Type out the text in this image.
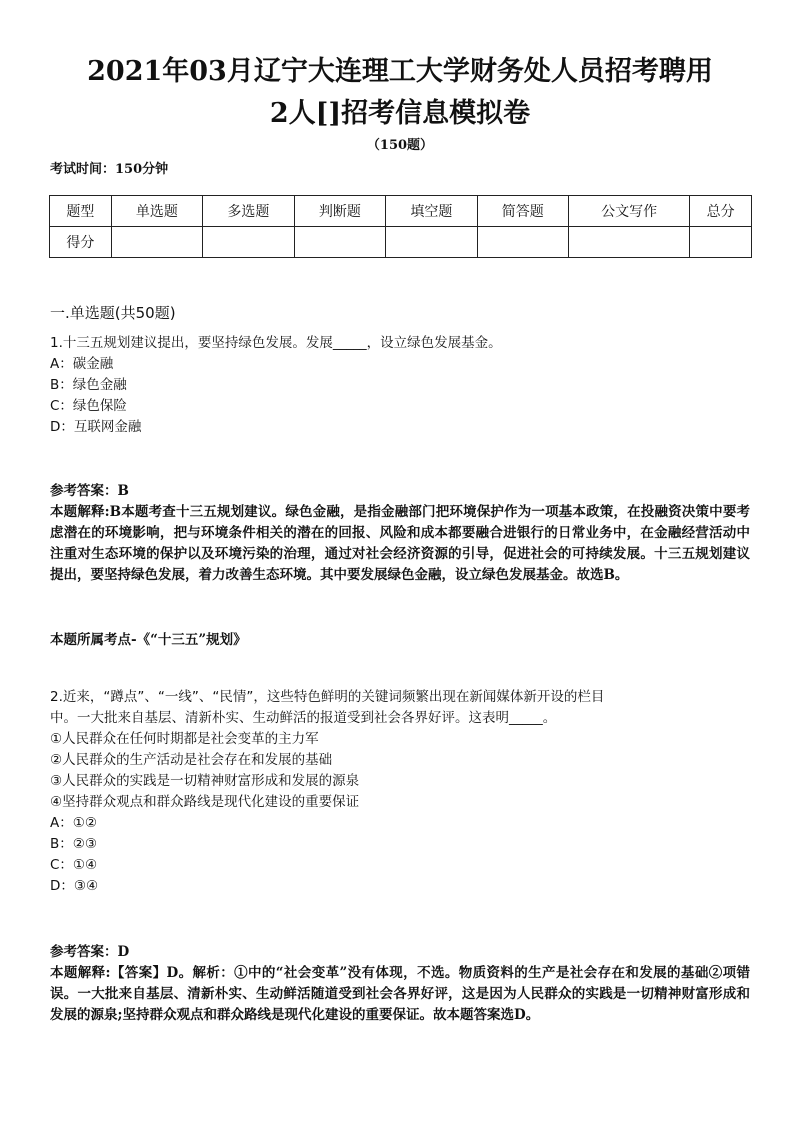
2021年03月辽宁大连理工大学财务处人员招考聘用
2人[]招考信息模拟卷
（150题）
考试时间：150分钟
题型	单选题	多选题	判断题	填空题	简答题	公文写作	总分
得分							
一.单选题(共50题)
1.十三五规划建议提出，要坚持绿色发展。发展_____，设立绿色发展基金。
A：碳金融
B：绿色金融
C：绿色保险
D：互联网金融
参考答案：B
本题解释:B本题考查十三五规划建议。绿色金融，是指金融部门把环境保护作为一项基本政策，在投融资决策中要考虑潜在的环境影响，把与环境条件相关的潜在的回报、风险和成本都要融合进银行的日常业务中，在金融经营活动中注重对生态环境的保护以及环境污染的治理，通过对社会经济资源的引导，促进社会的可持续发展。十三五规划建议提出，要坚持绿色发展，着力改善生态环境。其中要发展绿色金融，设立绿色发展基金。故选B。
本题所属考点-《“十三五”规划》
2.近来，“蹲点”、“一线”、“民情”，这些特色鲜明的关键词频繁出现在新闻媒体新开设的栏目
中。一大批来自基层、清新朴实、生动鲜活的报道受到社会各界好评。这表明_____。
①人民群众在任何时期都是社会变革的主力军
②人民群众的生产活动是社会存在和发展的基础
③人民群众的实践是一切精神财富形成和发展的源泉
④坚持群众观点和群众路线是现代化建设的重要保证
A：①②
B：②③
C：①④
D：③④
参考答案：D
本题解释:【答案】D。解析：①中的“社会变革”没有体现，不选。物质资料的生产是社会存在和发展的基础②项错误。一大批来自基层、清新朴实、生动鲜活随道受到社会各界好评，这是因为人民群众的实践是一切精神财富形成和发展的源泉;坚持群众观点和群众路线是现代化建设的重要保证。故本题答案选D。
